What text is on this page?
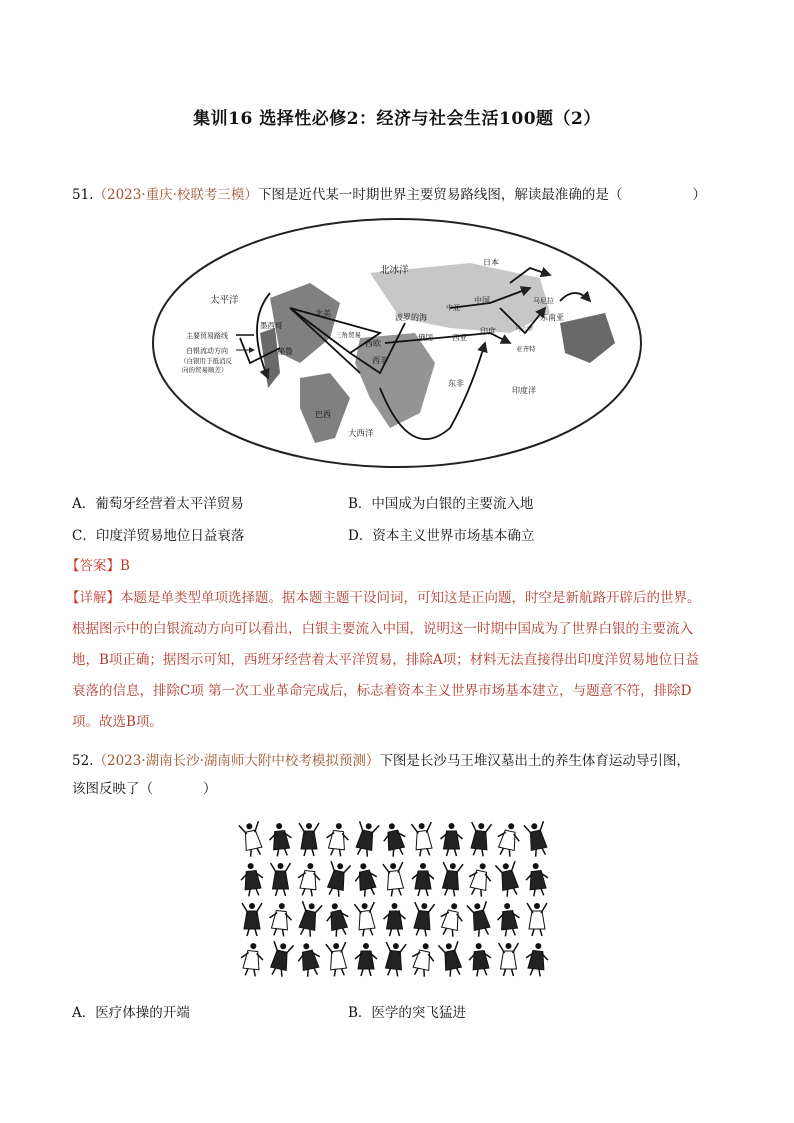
集训16 选择性必修2：经济与社会生活100题（2）
51.（2023·重庆·校联考三模）下图是近代某一时期世界主要贸易路线图，解读最准确的是（	）
北冰洋
太平洋
日本
北美
三角贸易
波罗的海
中亚
中国	马尼拉
东南亚
墨西哥
西欧
俄国	西亚
印度	马六甲
亚齐特
秘鲁
西非
东非
印度洋
巴西
大西洋
主要贸易路线
白银流动方向
（白银用于抵消反
向的贸易顺差）
A．葡萄牙经营着太平洋贸易	B．中国成为白银的主要流入地
C．印度洋贸易地位日益衰落	D．资本主义世界市场基本确立
【答案】B
【详解】本题是单类型单项选择题。据本题主题干设问词，可知这是正向题，时空是新航路开辟后的世界。
根据图示中的白银流动方向可以看出，白银主要流入中国，说明这一时期中国成为了世界白银的主要流入
地，B项正确；据图示可知，西班牙经营着太平洋贸易，排除A项；材料无法直接得出印度洋贸易地位日益
衰落的信息，排除C项 第一次工业革命完成后，标志着资本主义世界市场基本建立，与题意不符，排除D
项。故选B项。
52.（2023·湖南长沙·湖南师大附中校考模拟预测）下图是长沙马王堆汉墓出土的养生体育运动导引图，
该图反映了（	）
A．医疗体操的开端	B．医学的突飞猛进
